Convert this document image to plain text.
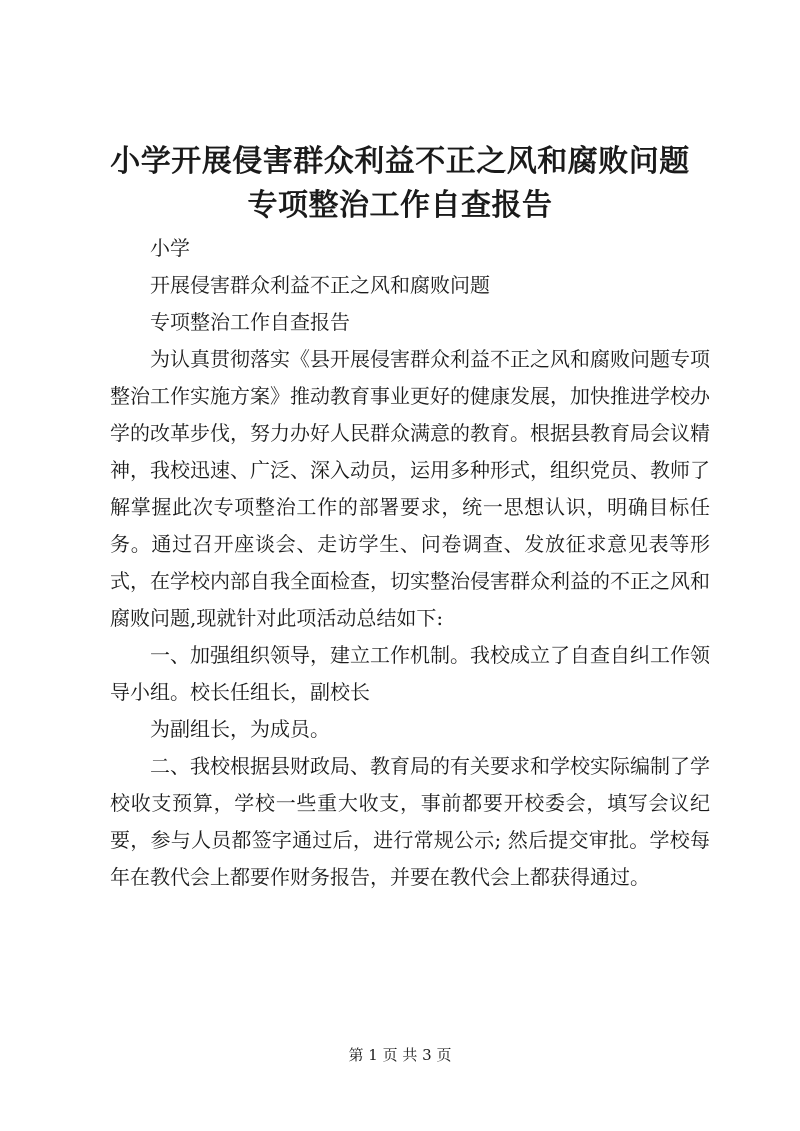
小学开展侵害群众利益不正之风和腐败问题专项整治工作自查报告

小学

开展侵害群众利益不正之风和腐败问题

专项整治工作自查报告

为认真贯彻落实《县开展侵害群众利益不正之风和腐败问题专项整治工作实施方案》推动教育事业更好的健康发展，加快推进学校办学的改革步伐，努力办好人民群众满意的教育。根据县教育局会议精神，我校迅速、广泛、深入动员，运用多种形式，组织党员、教师了解掌握此次专项整治工作的部署要求，统一思想认识，明确目标任务。通过召开座谈会、走访学生、问卷调查、发放征求意见表等形式，在学校内部自我全面检查，切实整治侵害群众利益的不正之风和腐败问题,现就针对此项活动总结如下:

一、加强组织领导，建立工作机制。我校成立了自查自纠工作领导小组。校长任组长，副校长

为副组长，为成员。

二、我校根据县财政局、教育局的有关要求和学校实际编制了学校收支预算，学校一些重大收支，事前都要开校委会，填写会议纪要，参与人员都签字通过后，进行常规公示; 然后提交审批。学校每年在教代会上都要作财务报告，并要在教代会上都获得通过。

第 1 页 共 3 页
